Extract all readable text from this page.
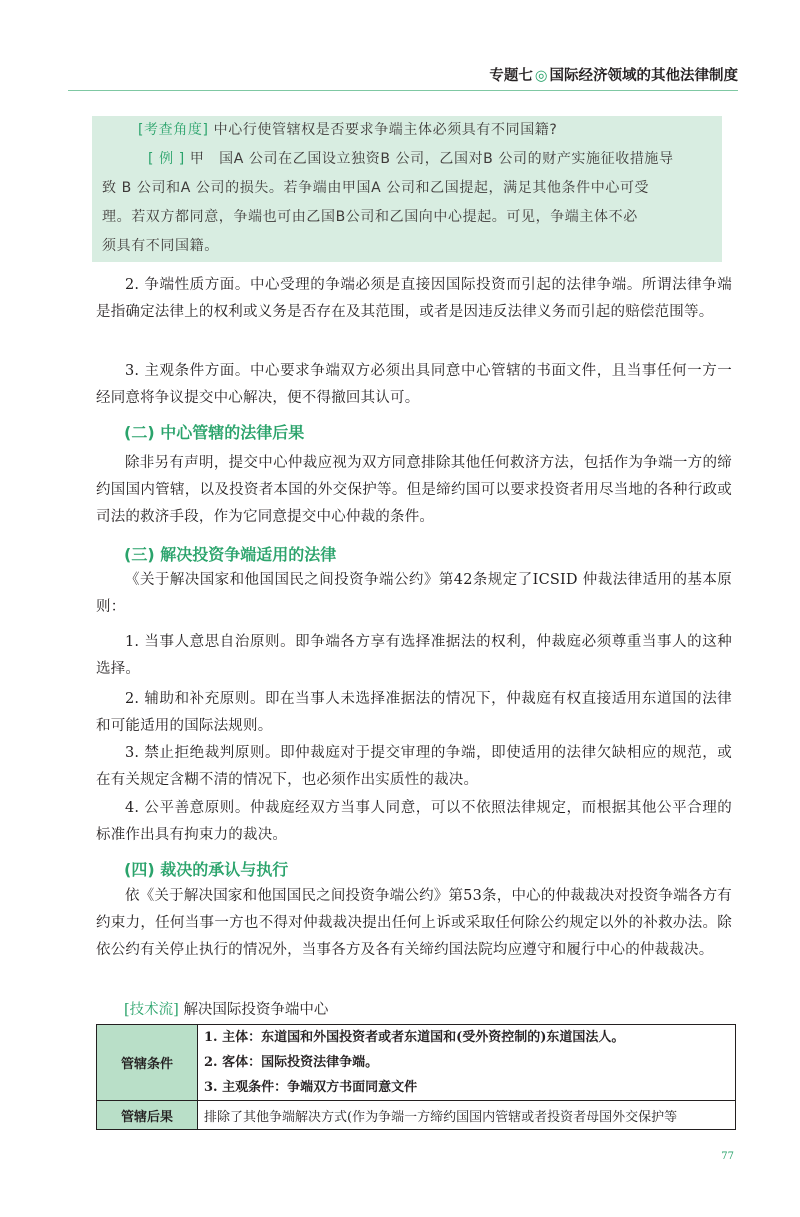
专题七 ◎ 国际经济领域的其他法律制度

[考查角度] 中心行使管辖权是否要求争端主体必须具有不同国籍?

[ 例 ] 甲　国A 公司在乙国设立独资B 公司，乙国对B 公司的财产实施征收措施导

致 B 公司和A 公司的损失。若争端由甲国A 公司和乙国提起，满足其他条件中心可受

理。若双方都同意，争端也可由乙国B公司和乙国向中心提起。可见，争端主体不必

须具有不同国籍。

2. 争端性质方面。中心受理的争端必须是直接因国际投资而引起的法律争端。所谓法律争端是指确定法律上的权利或义务是否存在及其范围，或者是因违反法律义务而引起的赔偿范围等。

3. 主观条件方面。中心要求争端双方必须出具同意中心管辖的书面文件，且当事任何一方一经同意将争议提交中心解决，便不得撤回其认可。

(二) 中心管辖的法律后果

除非另有声明，提交中心仲裁应视为双方同意排除其他任何救济方法，包括作为争端一方的缔约国国内管辖，以及投资者本国的外交保护等。但是缔约国可以要求投资者用尽当地的各种行政或司法的救济手段，作为它同意提交中心仲裁的条件。

(三) 解决投资争端适用的法律

《关于解决国家和他国国民之间投资争端公约》第42条规定了ICSID 仲裁法律适用的基本原则：

1. 当事人意思自治原则。即争端各方享有选择准据法的权利，仲裁庭必须尊重当事人的这种选择。

2. 辅助和补充原则。即在当事人未选择准据法的情况下，仲裁庭有权直接适用东道国的法律和可能适用的国际法规则。

3. 禁止拒绝裁判原则。即仲裁庭对于提交审理的争端，即使适用的法律欠缺相应的规范，或在有关规定含糊不清的情况下，也必须作出实质性的裁决。

4. 公平善意原则。仲裁庭经双方当事人同意，可以不依照法律规定，而根据其他公平合理的标准作出具有拘束力的裁决。

(四) 裁决的承认与执行

依《关于解决国家和他国国民之间投资争端公约》第53条，中心的仲裁裁决对投资争端各方有约束力，任何当事一方也不得对仲裁裁决提出任何上诉或采取任何除公约规定以外的补救办法。除依公约有关停止执行的情况外，当事各方及各有关缔约国法院均应遵守和履行中心的仲裁裁决。

[技术流] 解决国际投资争端中心

管辖条件	1. 主体：东道国和外国投资者或者东道国和(受外资控制的)东道国法人。
2. 客体：国际投资法律争端。
3. 主观条件：争端双方书面同意文件

管辖后果	排除了其他争端解决方式(作为争端一方缔约国国内管辖或者投资者母国外交保护等
77
